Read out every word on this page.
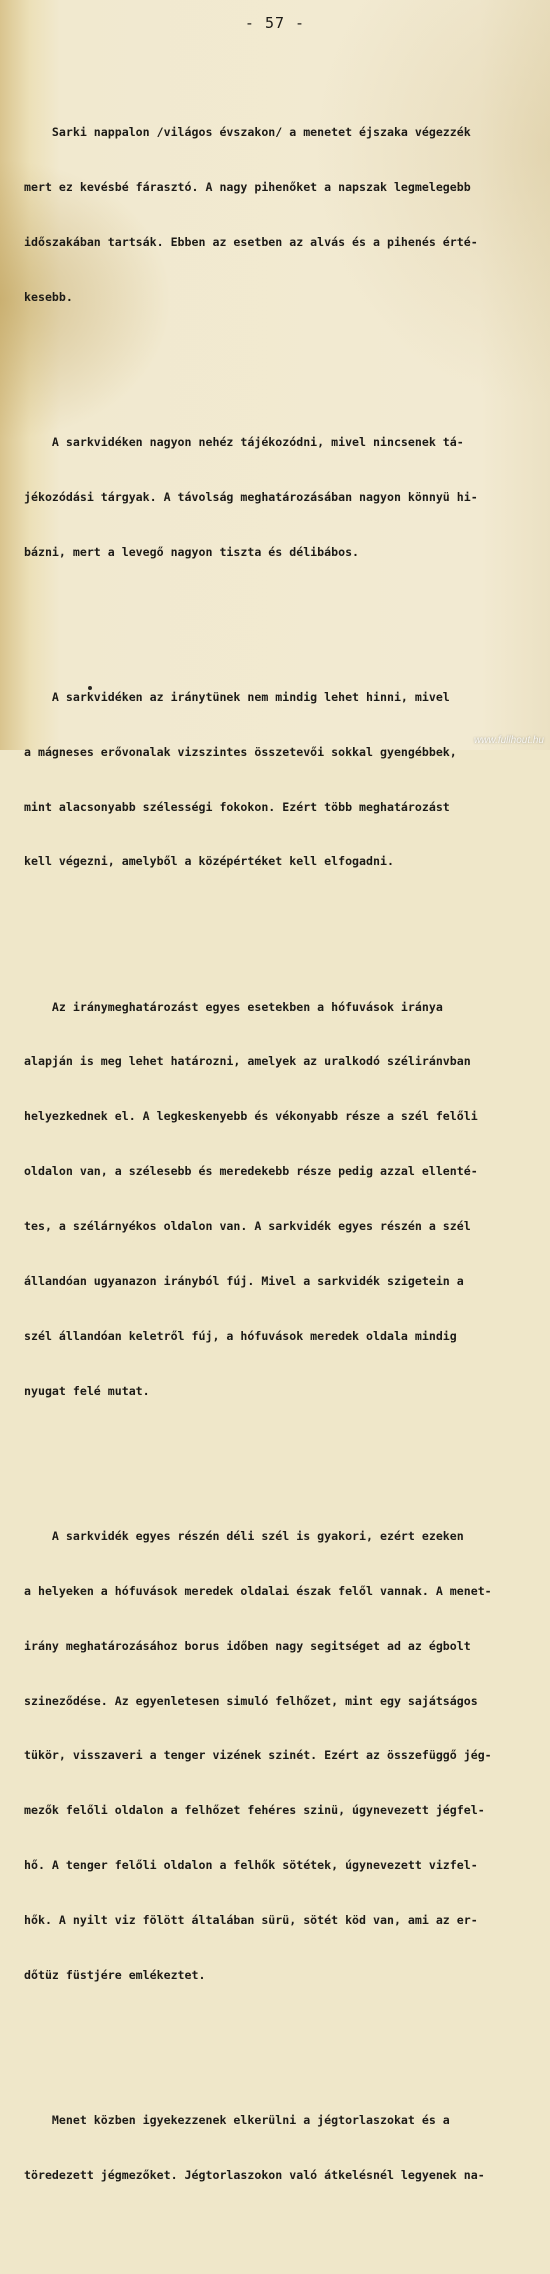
- 57 -

Sarki nappalon /világos évszakon/ a menetet éjszaka végezzék

mert ez kevésbé fárasztó. A nagy pihenőket a napszak legmelegebb

időszakában tartsák. Ebben az esetben az alvás és a pihenés érté-

kesebb.

A sarkvidéken nagyon nehéz tájékozódni, mivel nincsenek tá-

jékozódási tárgyak. A távolság meghatározásában nagyon könnyü hi-

bázni, mert a levegő nagyon tiszta és délibábos.

A sarkvidéken az iránytünek nem mindig lehet hinni, mivel

a mágneses erővonalak vizszintes összetevői sokkal gyengébbek,

mint alacsonyabb szélességi fokokon. Ezért több meghatározást

kell végezni, amelyből a középértéket kell elfogadni.

Az iránymeghatározást egyes esetekben a hófuvások iránya

alapján is meg lehet határozni, amelyek az uralkodó széliránvban

helyezkednek el. A legkeskenyebb és vékonyabb része a szél felőli

oldalon van, a szélesebb és meredekebb része pedig azzal ellenté-

tes, a szélárnyékos oldalon van. A sarkvidék egyes részén a szél

állandóan ugyanazon irányból fúj. Mivel a sarkvidék szigetein a

szél állandóan keletről fúj, a hófuvások meredek oldala mindig

nyugat felé mutat.

A sarkvidék egyes részén déli szél is gyakori, ezért ezeken

a helyeken a hófuvások meredek oldalai észak felől vannak. A menet-

irány meghatározásához borus időben nagy segitséget ad az égbolt

szineződése. Az egyenletesen simuló felhőzet, mint egy sajátságos

tükör, visszaveri a tenger vizének szinét. Ezért az összefüggő jég-

mezők felőli oldalon a felhőzet fehéres szinü, úgynevezett jégfel-

hő. A tenger felőli oldalon a felhők sötétek, úgynevezett vizfel-

hők. A nyilt viz fölött általában sürü, sötét köd van, ami az er-

dőtüz füstjére emlékeztet.

Menet közben igyekezzenek elkerülni a jégtorlaszokat és a

töredezett jégmezőket. Jégtorlaszokon való átkelésnél legyenek na-

www.fullhout.hu
